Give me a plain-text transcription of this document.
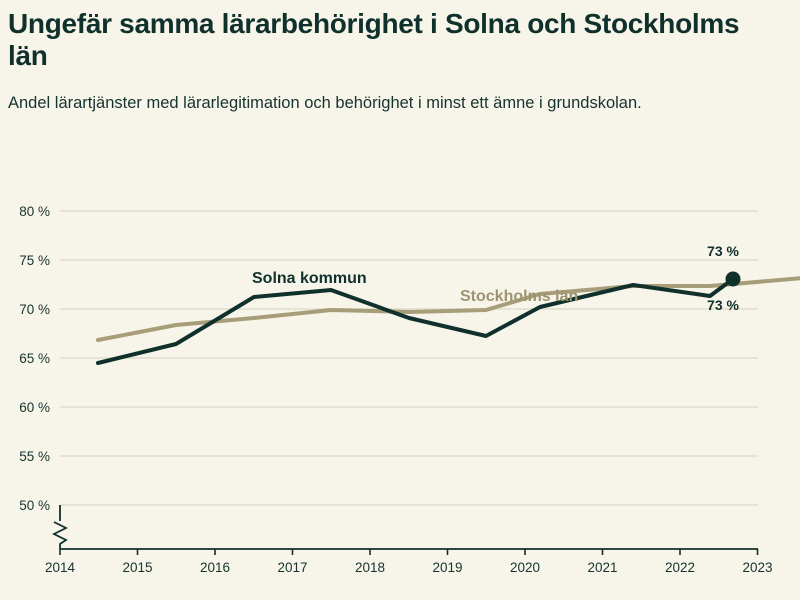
Ungefär samma lärarbehörighet i Solna och Stockholms län
Andel lärartjänster med lärarlegitimation och behörighet i minst ett ämne i grundskolan.
80 %
75 %
70 %
65 %
60 %
55 %
50 %
2014	2015	2016	2017	2018	2019	2020	2021	2022	2023
Solna kommun
Stockholms län
73 %
73 %
